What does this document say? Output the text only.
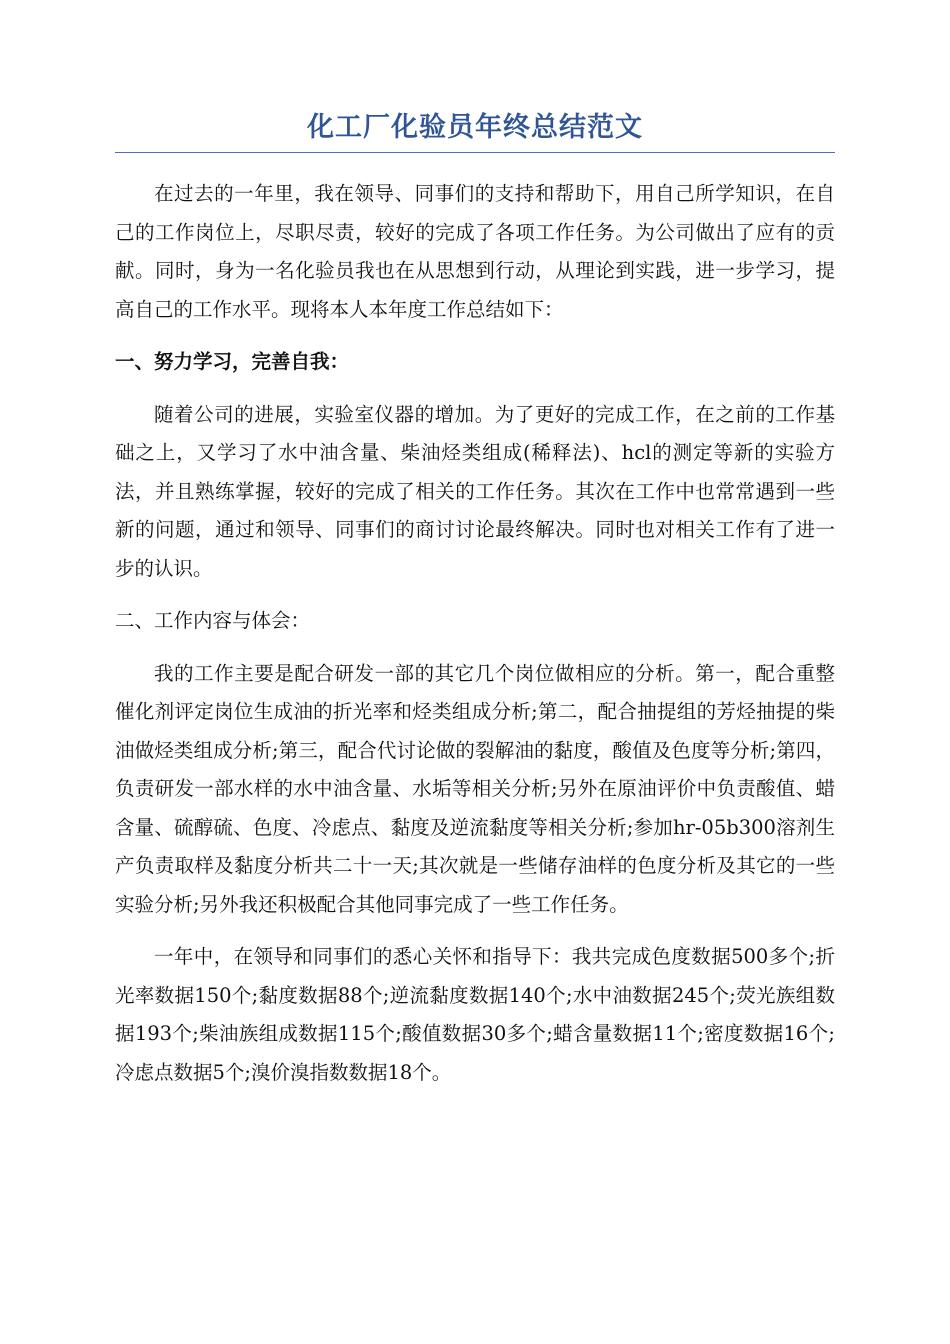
化工厂化验员年终总结范文

在过去的一年里，我在领导、同事们的支持和帮助下，用自己所学知识，在自己的工作岗位上，尽职尽责，较好的完成了各项工作任务。为公司做出了应有的贡献。同时，身为一名化验员我也在从思想到行动，从理论到实践，进一步学习，提高自己的工作水平。现将本人本年度工作总结如下：

一、努力学习，完善自我：

随着公司的进展，实验室仪器的增加。为了更好的完成工作，在之前的工作基础之上，又学习了水中油含量、柴油烃类组成(稀释法)、hcl的测定等新的实验方法，并且熟练掌握，较好的完成了相关的工作任务。其次在工作中也常常遇到一些新的问题，通过和领导、同事们的商讨讨论最终解决。同时也对相关工作有了进一步的认识。

二、工作内容与体会：

我的工作主要是配合研发一部的其它几个岗位做相应的分析。第一，配合重整催化剂评定岗位生成油的折光率和烃类组成分析;第二，配合抽提组的芳烃抽提的柴油做烃类组成分析;第三，配合代讨论做的裂解油的黏度，酸值及色度等分析;第四，负责研发一部水样的水中油含量、水垢等相关分析;另外在原油评价中负责酸值、蜡含量、硫醇硫、色度、冷虑点、黏度及逆流黏度等相关分析;参加hr-05b300溶剂生产负责取样及黏度分析共二十一天;其次就是一些储存油样的色度分析及其它的一些实验分析;另外我还积极配合其他同事完成了一些工作任务。

一年中，在领导和同事们的悉心关怀和指导下：我共完成色度数据500多个;折光率数据150个;黏度数据88个;逆流黏度数据140个;水中油数据245个;荧光族组数据193个;柴油族组成数据115个;酸值数据30多个;蜡含量数据11个;密度数据16个;冷虑点数据5个;溴价溴指数数据18个。
